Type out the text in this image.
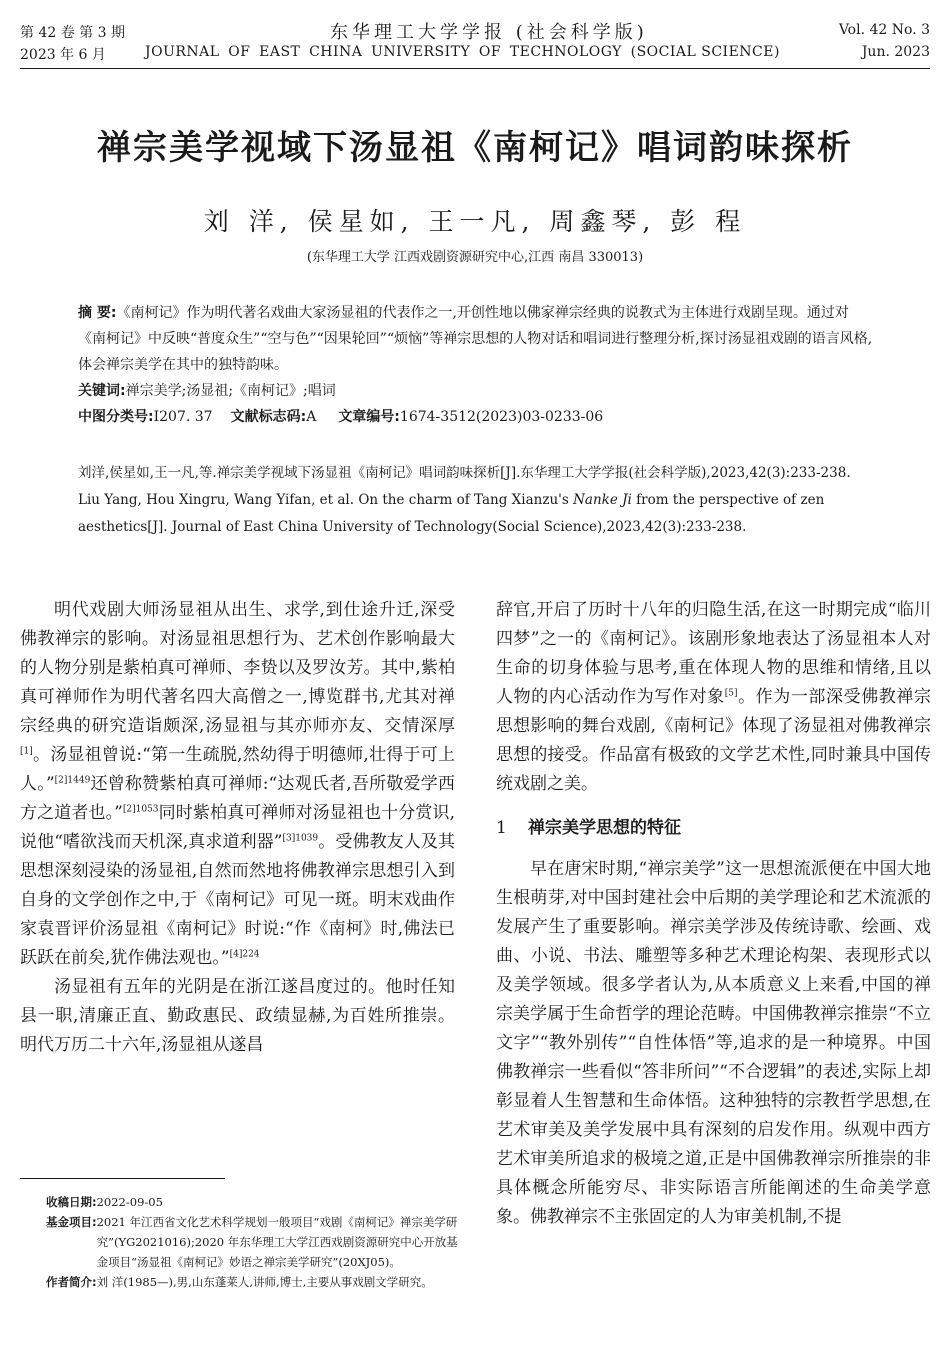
第 42 卷 第 3 期	东华理工大学学报 (社会科学版)	Vol. 42 No. 3
2023 年 6 月	JOURNAL OF EAST CHINA UNIVERSITY OF TECHNOLOGY (SOCIAL SCIENCE)	Jun. 2023
禅宗美学视域下汤显祖《南柯记》唱词韵味探析
刘 洋, 侯星如, 王一凡, 周鑫琴, 彭 程
(东华理工大学 江西戏剧资源研究中心,江西 南昌 330013)
摘 要:《南柯记》作为明代著名戏曲大家汤显祖的代表作之一,开创性地以佛家禅宗经典的说教式为主体进行戏剧呈现。通过对《南柯记》中反映“普度众生”“空与色”“因果轮回”“烦恼”等禅宗思想的人物对话和唱词进行整理分析,探讨汤显祖戏剧的语言风格,体会禅宗美学在其中的独特韵味。
关键词:禅宗美学;汤显祖;《南柯记》;唱词
中图分类号:I207. 37 文献标志码:A 文章编号:1674-3512(2023)03-0233-06
刘洋,侯星如,王一凡,等.禅宗美学视域下汤显祖《南柯记》唱词韵味探析[J].东华理工大学学报(社会科学版),2023,42(3):233-238.
Liu Yang, Hou Xingru, Wang Yifan, et al. On the charm of Tang Xianzu's Nanke Ji from the perspective of zen aesthetics[J]. Journal of East China University of Technology(Social Science),2023,42(3):233-238.

明代戏剧大师汤显祖从出生、求学,到仕途升迁,深受佛教禅宗的影响。对汤显祖思想行为、艺术创作影响最大的人物分别是紫柏真可禅师、李贽以及罗汝芳。其中,紫柏真可禅师作为明代著名四大高僧之一,博览群书,尤其对禅宗经典的研究造诣颇深,汤显祖与其亦师亦友、交情深厚[1]。汤显祖曾说:“第一生疏脱,然幼得于明德师,壮得于可上人。”$^{[2]1449}$还曾称赞紫柏真可禅师:“达观氏者,吾所敬爱学西方之道者也。”$^{[2]1053}$同时紫柏真可禅师对汤显祖也十分赏识,说他“嗜欲浅而天机深,真求道利器”$^{[3]1039}$。受佛教友人及其思想深刻浸染的汤显祖,自然而然地将佛教禅宗思想引入到自身的文学创作之中,于《南柯记》可见一斑。明末戏曲作家袁晋评价汤显祖《南柯记》时说:“作《南柯》时,佛法已跃跃在前矣,犹作佛法观也。”$^{[4]224}$

汤显祖有五年的光阴是在浙江遂昌度过的。他时任知县一职,清廉正直、勤政惠民、政绩显赫,为百姓所推崇。明代万历二十六年,汤显祖从遂昌

辞官,开启了历时十八年的归隐生活,在这一时期完成“临川四梦”之一的《南柯记》。该剧形象地表达了汤显祖本人对生命的切身体验与思考,重在体现人物的思维和情绪,且以人物的内心活动作为写作对象[5]。作为一部深受佛教禅宗思想影响的舞台戏剧,《南柯记》体现了汤显祖对佛教禅宗思想的接受。作品富有极致的文学艺术性,同时兼具中国传统戏剧之美。

1 禅宗美学思想的特征

早在唐宋时期,“禅宗美学”这一思想流派便在中国大地生根萌芽,对中国封建社会中后期的美学理论和艺术流派的发展产生了重要影响。禅宗美学涉及传统诗歌、绘画、戏曲、小说、书法、雕塑等多种艺术理论构架、表现形式以及美学领域。很多学者认为,从本质意义上来看,中国的禅宗美学属于生命哲学的理论范畴。中国佛教禅宗推崇“不立文字”“教外别传”“自性体悟”等,追求的是一种境界。中国佛教禅宗一些看似“答非所问”“不合逻辑”的表述,实际上却彰显着人生智慧和生命体悟。这种独特的宗教哲学思想,在艺术审美及美学发展中具有深刻的启发作用。纵观中西方艺术审美所追求的极境之道,正是中国佛教禅宗所推崇的非具体概念所能穷尽、非实际语言所能阐述的生命美学意象。佛教禅宗不主张固定的人为审美机制,不提

收稿日期: 2022-09-05
基金项目: 2021 年江西省文化艺术科学规划一般项目“戏剧《南柯记》禅宗美学研究”(YG2021016);2020 年东华理工大学江西戏剧资源研究中心开放基金项目“汤显祖《南柯记》妙语之禅宗美学研究”(20XJ05)。
作者简介: 刘 洋(1985—),男,山东蓬莱人,讲师,博士,主要从事戏剧文学研究。
